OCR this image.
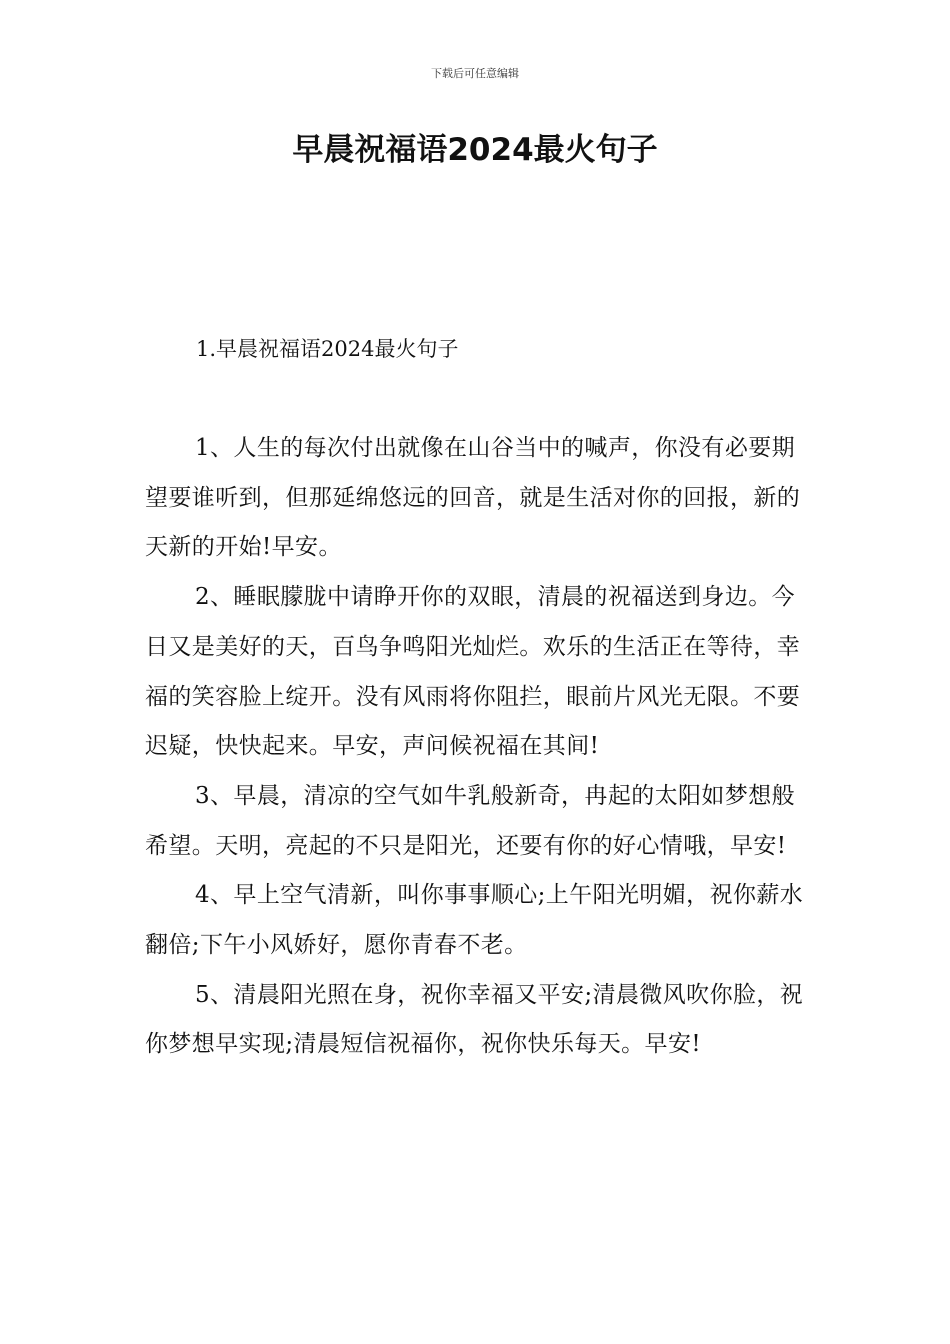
下载后可任意编辑
早晨祝福语2024最火句子
1.早晨祝福语2024最火句子

1、人生的每次付出就像在山谷当中的喊声，你没有必要期望要谁听到，但那延绵悠远的回音，就是生活对你的回报，新的天新的开始!早安。

2、睡眠朦胧中请睁开你的双眼，清晨的祝福送到身边。今日又是美好的天，百鸟争鸣阳光灿烂。欢乐的生活正在等待，幸福的笑容脸上绽开。没有风雨将你阻拦，眼前片风光无限。不要迟疑，快快起来。早安，声问候祝福在其间!

3、早晨，清凉的空气如牛乳般新奇，冉起的太阳如梦想般希望。天明，亮起的不只是阳光，还要有你的好心情哦，早安!

4、早上空气清新，叫你事事顺心;上午阳光明媚，祝你薪水翻倍;下午小风娇好，愿你青春不老。

5、清晨阳光照在身，祝你幸福又平安;清晨微风吹你脸，祝你梦想早实现;清晨短信祝福你，祝你快乐每天。早安!
